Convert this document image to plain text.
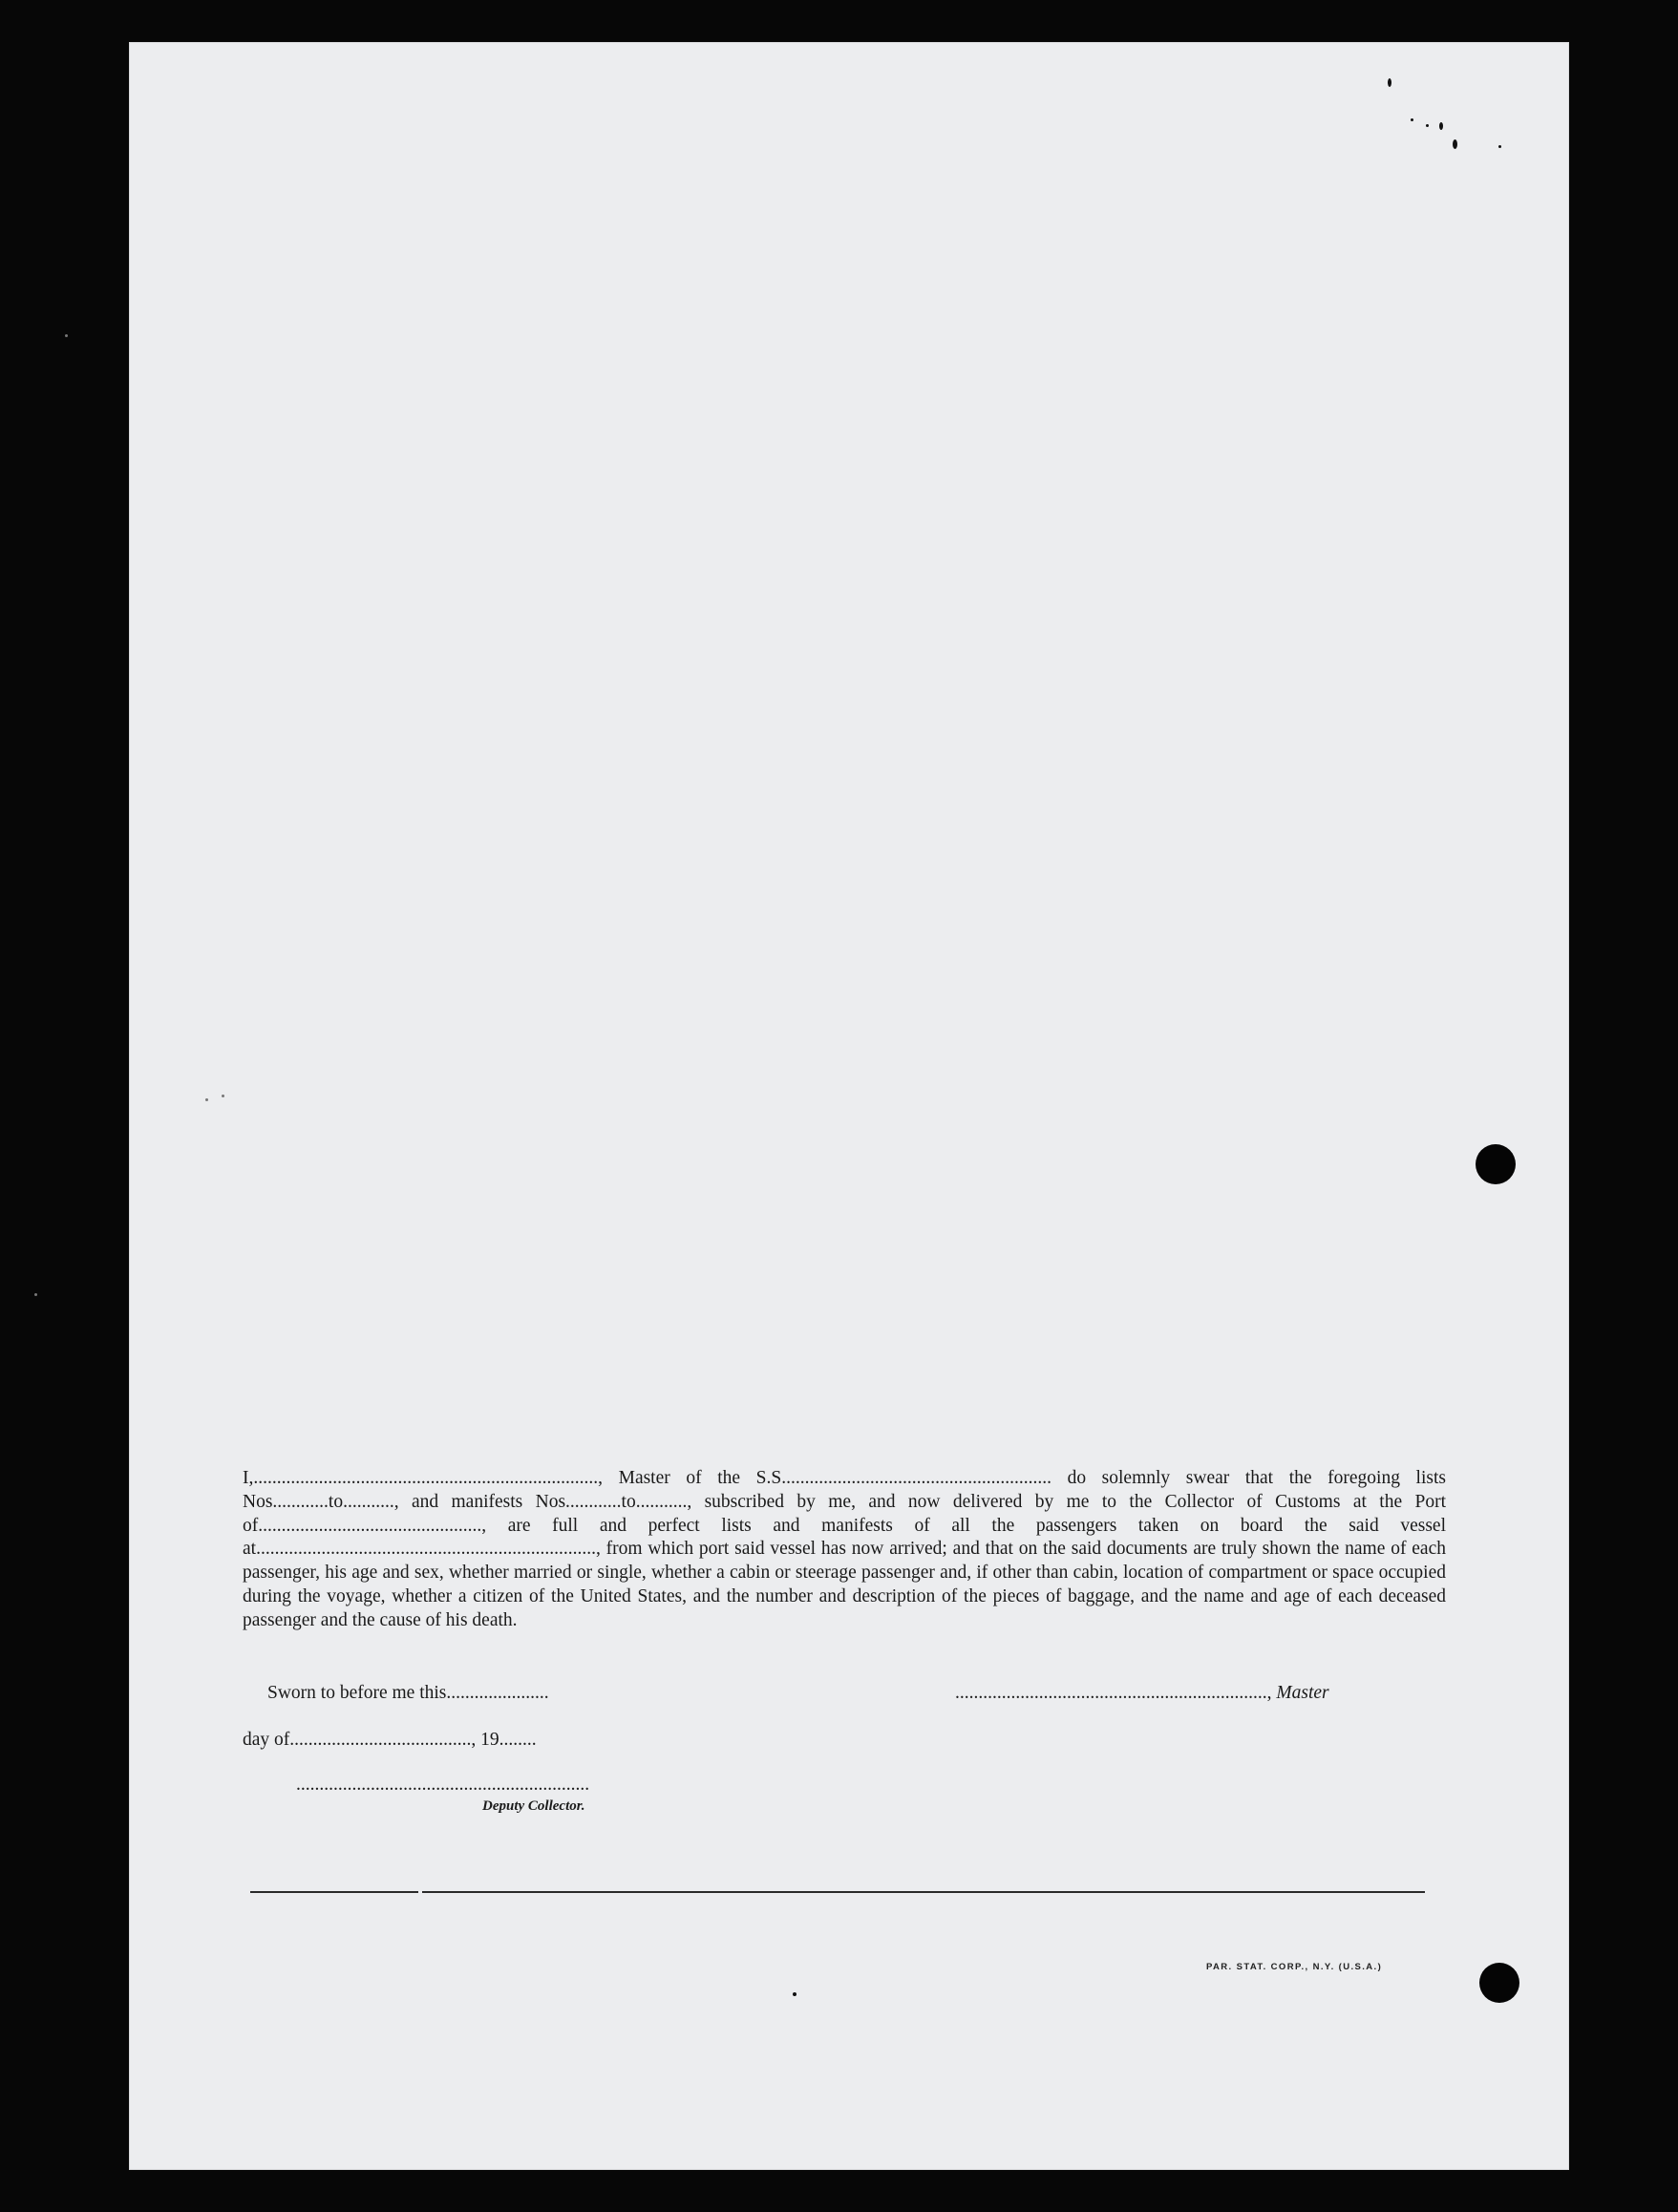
I,.........................................................................., Master of the S.S.......................................................... do solemnly swear that the foregoing lists Nos............to..........., and manifests Nos............to..........., subscribed by me, and now delivered by me to the Collector of Customs at the Port of................................................, are full and perfect lists and manifests of all the passengers taken on board the said vessel at........................................................................., from which port said vessel has now arrived; and that on the said documents are truly shown the name of each passenger, his age and sex, whether married or single, whether a cabin or steerage passenger and, if other than cabin, location of compartment or space occupied during the voyage, whether a citizen of the United States, and the number and description of the pieces of baggage, and the name and age of each deceased passenger and the cause of his death.

Sworn to before me this......................	..................................................................., Master
day of......................................., 19........
...............................................................
Deputy Collector.
PAR. STAT. CORP., N.Y. (U.S.A.)
